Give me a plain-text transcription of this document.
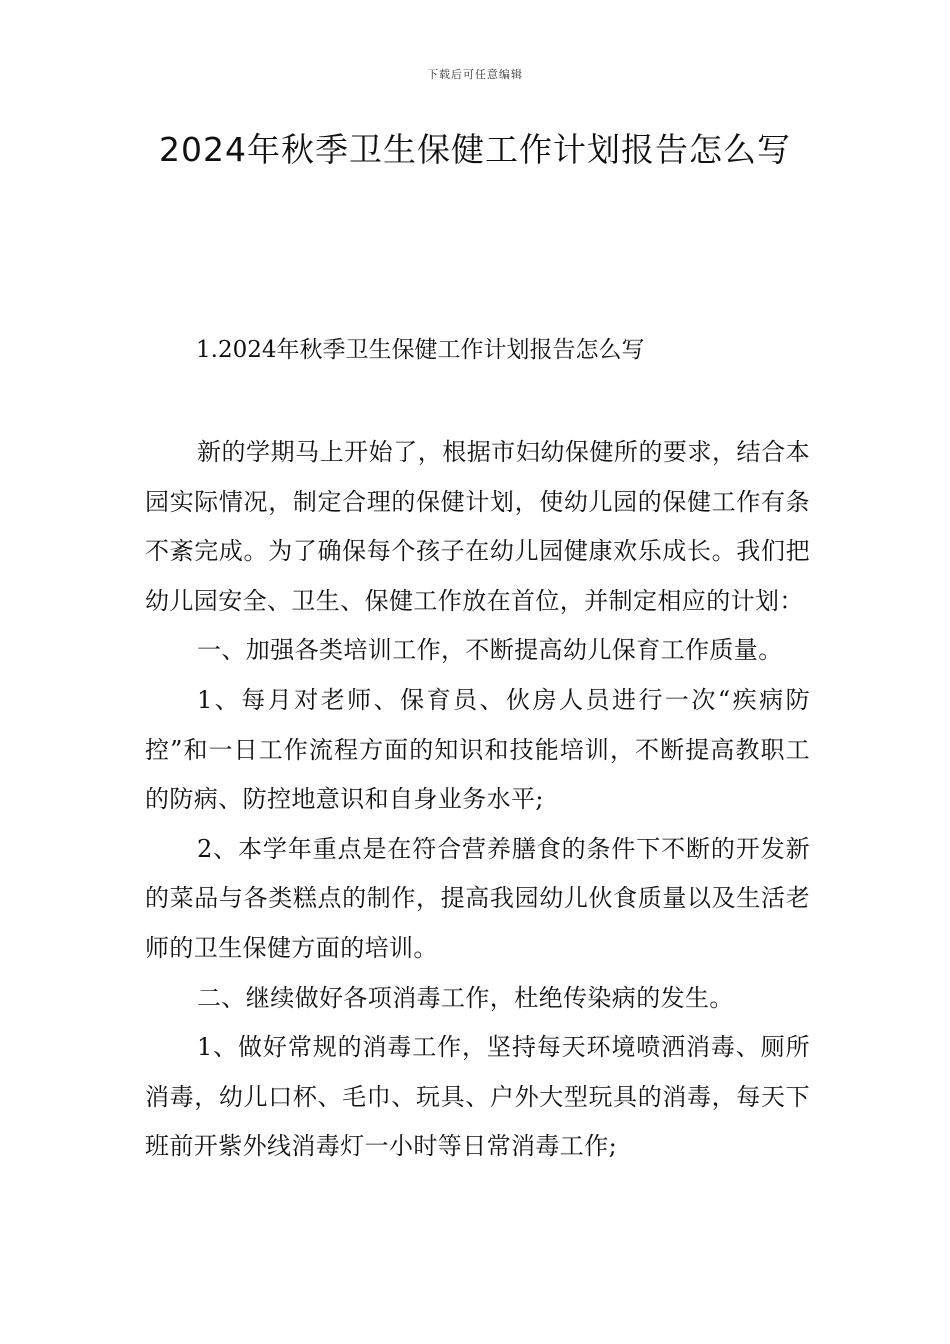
下载后可任意编辑
2024年秋季卫生保健工作计划报告怎么写
1.2024年秋季卫生保健工作计划报告怎么写

新的学期马上开始了，根据市妇幼保健所的要求，结合本园实际情况，制定合理的保健计划，使幼儿园的保健工作有条不紊完成。为了确保每个孩子在幼儿园健康欢乐成长。我们把幼儿园安全、卫生、保健工作放在首位，并制定相应的计划：

一、加强各类培训工作，不断提高幼儿保育工作质量。

1、每月对老师、保育员、伙房人员进行一次“疾病防控”和一日工作流程方面的知识和技能培训，不断提高教职工的防病、防控地意识和自身业务水平;

2、本学年重点是在符合营养膳食的条件下不断的开发新的菜品与各类糕点的制作，提高我园幼儿伙食质量以及生活老师的卫生保健方面的培训。

二、继续做好各项消毒工作，杜绝传染病的发生。

1、做好常规的消毒工作，坚持每天环境喷洒消毒、厕所消毒，幼儿口杯、毛巾、玩具、户外大型玩具的消毒，每天下班前开紫外线消毒灯一小时等日常消毒工作;
